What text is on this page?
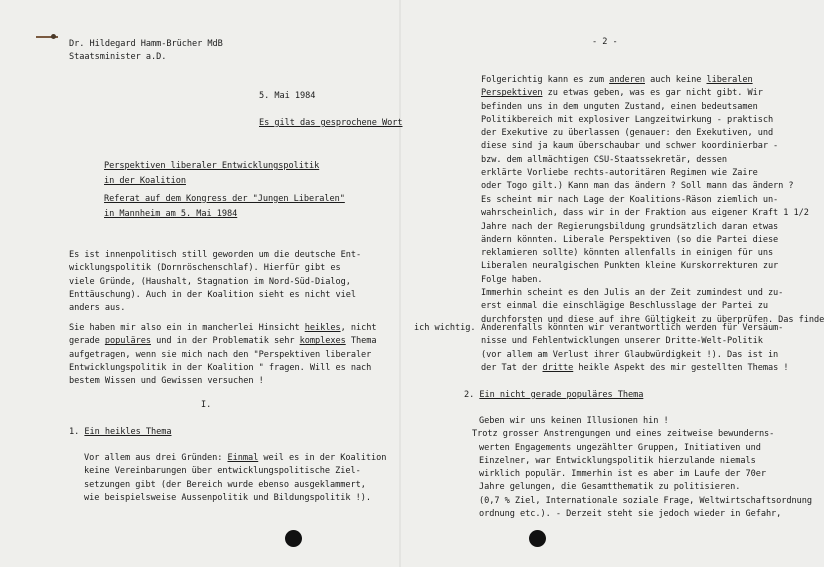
Dr. Hildegard Hamm-Brücher MdB
Staatsminister a.D.
5. Mai 1984
Es gilt das gesprochene Wort
Perspektiven liberaler Entwicklungspolitik
in der Koalition
Referat auf dem Kongress der "Jungen Liberalen"
in Mannheim am 5. Mai 1984
Es ist innenpolitisch still geworden um die deutsche Ent-
wicklungspolitik (Dornröschenschlaf). Hierfür gibt es
viele Gründe, (Haushalt, Stagnation im Nord-Süd-Dialog,
Enttäuschung). Auch in der Koalition sieht es nicht viel
anders aus.
Sie haben mir also ein in mancherlei Hinsicht heikles, nicht
gerade populäres und in der Problematik sehr komplexes Thema
aufgetragen, wenn sie mich nach den "Perspektiven liberaler
Entwicklungspolitik in der Koalition " fragen. Will es nach
bestem Wissen und Gewissen versuchen !
I.
1. Ein heikles Thema
Vor allem aus drei Gründen: Einmal weil es in der Koalition
keine Vereinbarungen über entwicklungspolitische Ziel-
setzungen gibt (der Bereich wurde ebenso ausgeklammert,
wie beispielsweise Aussenpolitik und Bildungspolitik !).
- 2 -
Folgerichtig kann es zum anderen auch keine liberalen
Perspektiven zu etwas geben, was es gar nicht gibt. Wir
befinden uns in dem unguten Zustand, einen bedeutsamen
Politikbereich mit explosiver Langzeitwirkung - praktisch
der Exekutive zu überlassen (genauer: den Exekutiven, und
diese sind ja kaum überschaubar und schwer koordinierbar -
bzw. dem allmächtigen CSU-Staatssekretär, dessen
erklärte Vorliebe rechts-autoritären Regimen wie Zaire
oder Togo gilt.) Kann man das ändern ? Soll mann das ändern ?
Es scheint mir nach Lage der Koalitions-Räson ziemlich un-
wahrscheinlich, dass wir in der Fraktion aus eigener Kraft 1 1/2
Jahre nach der Regierungsbildung grundsätzlich daran etwas
ändern könnten. Liberale Perspektiven (so die Partei diese
reklamieren sollte) könnten allenfalls in einigen für uns
Liberalen neuralgischen Punkten kleine Kurskorrekturen zur
Folge haben.
Immerhin scheint es den Julis an der Zeit zumindest und zu-
erst einmal die einschlägige Beschlusslage der Partei zu
durchforsten und diese auf ihre Gültigkeit zu überprüfen. Das finde
ich wichtig. Anderenfalls könnten wir verantwortlich werden für Versäum-
nisse und Fehlentwicklungen unserer Dritte-Welt-Politik
(vor allem am Verlust ihrer Glaubwürdigkeit !). Das ist in
der Tat der dritte heikle Aspekt des mir gestellten Themas !
2. Ein nicht gerade populäres Thema
Geben wir uns keinen Illusionen hin !
Trotz grosser Anstrengungen und eines zeitweise bewunderns-
werten Engagements ungezählter Gruppen, Initiativen und
Einzelner, war Entwicklungspolitik hierzulande niemals
wirklich populär. Immerhin ist es aber im Laufe der 70er
Jahre gelungen, die Gesamtthematik zu politisieren.
(0,7 % Ziel, Internationale soziale Frage, Weltwirtschaftsordnung
ordnung etc.). - Derzeit steht sie jedoch wieder in Gefahr,
